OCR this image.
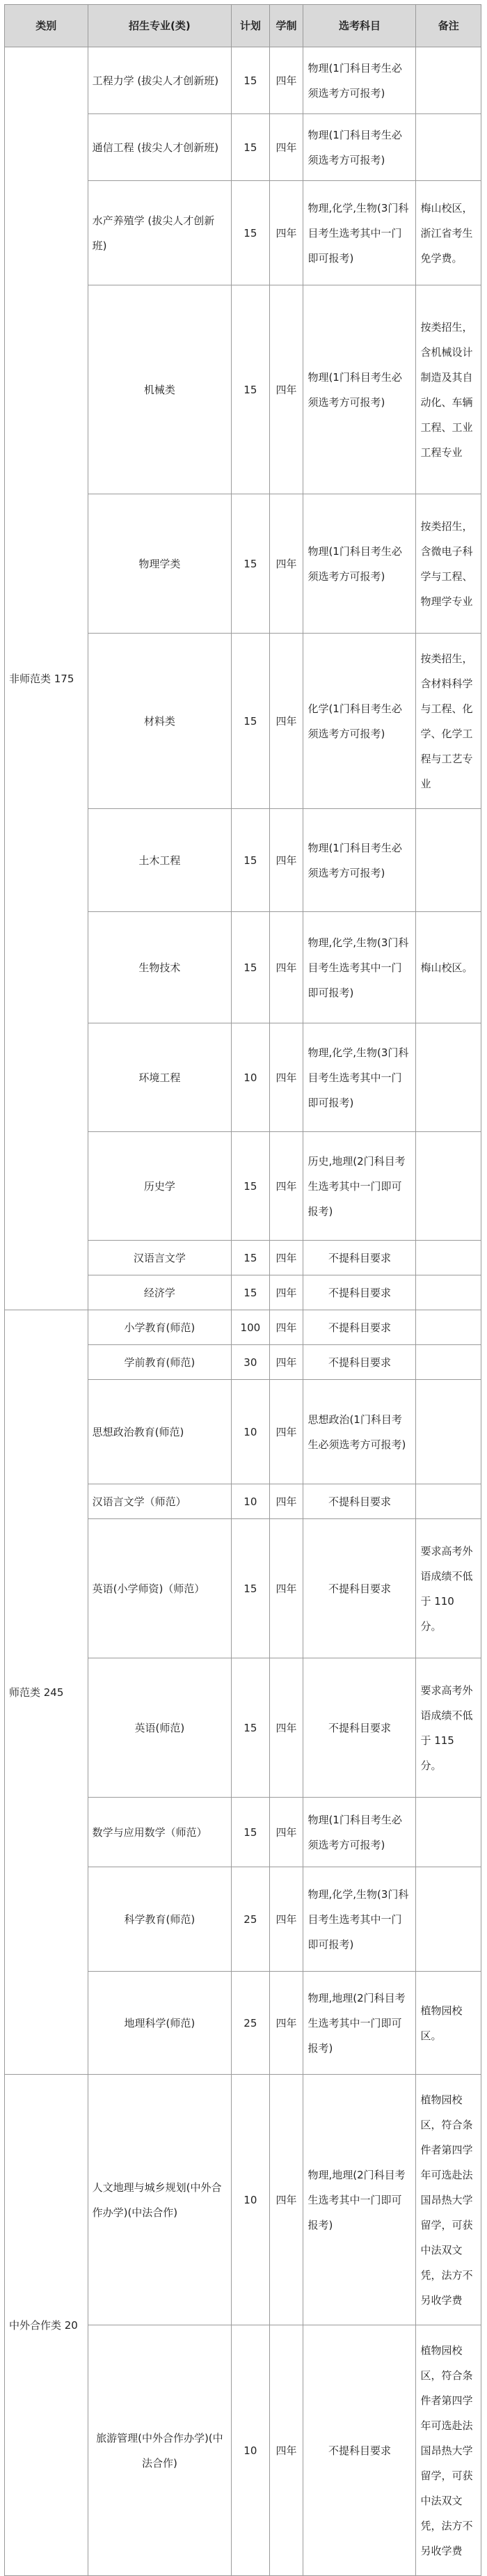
类别	招生专业(类)	计划	学制	选考科目	备注
非师范类 175	工程力学 (拔尖人才创新班)	15	四年	物理(1门科目考生必须选考方可报考)	
	通信工程 (拔尖人才创新班)	15	四年	物理(1门科目考生必须选考方可报考)	
	水产养殖学 (拔尖人才创新班)	15	四年	物理,化学,生物(3门科目考生选考其中一门即可报考)	梅山校区，浙江省考生免学费。
	机械类	15	四年	物理(1门科目考生必须选考方可报考)	按类招生，含机械设计制造及其自动化、车辆工程、工业工程专业
	物理学类	15	四年	物理(1门科目考生必须选考方可报考)	按类招生，含微电子科学与工程、物理学专业
	材料类	15	四年	化学(1门科目考生必须选考方可报考)	按类招生，含材料科学与工程、化学、化学工程与工艺专业
	土木工程	15	四年	物理(1门科目考生必须选考方可报考)	
	生物技术	15	四年	物理,化学,生物(3门科目考生选考其中一门即可报考)	梅山校区。
	环境工程	10	四年	物理,化学,生物(3门科目考生选考其中一门即可报考)	
	历史学	15	四年	历史,地理(2门科目考生选考其中一门即可报考)	
	汉语言文学	15	四年	不提科目要求	
	经济学	15	四年	不提科目要求	
师范类 245	小学教育(师范)	100	四年	不提科目要求	
	学前教育(师范)	30	四年	不提科目要求	
	思想政治教育(师范)	10	四年	思想政治(1门科目考生必须选考方可报考)	
	汉语言文学（师范）	10	四年	不提科目要求	
	英语(小学师资)（师范）	15	四年	不提科目要求	要求高考外语成绩不低于 110 分。
	英语(师范)	15	四年	不提科目要求	要求高考外语成绩不低于 115 分。
	数学与应用数学（师范）	15	四年	物理(1门科目考生必须选考方可报考)	
	科学教育(师范)	25	四年	物理,化学,生物(3门科目考生选考其中一门即可报考)	
	地理科学(师范)	25	四年	物理,地理(2门科目考生选考其中一门即可报考)	植物园校区。
中外合作类 20	人文地理与城乡规划(中外合作办学)(中法合作)	10	四年	物理,地理(2门科目考生选考其中一门即可报考)	植物园校区，符合条件者第四学年可选赴法国昂热大学留学，可获中法双文凭，法方不另收学费
	旅游管理(中外合作办学)(中法合作)	10	四年	不提科目要求	植物园校区，符合条件者第四学年可选赴法国昂热大学留学，可获中法双文凭，法方不另收学费
